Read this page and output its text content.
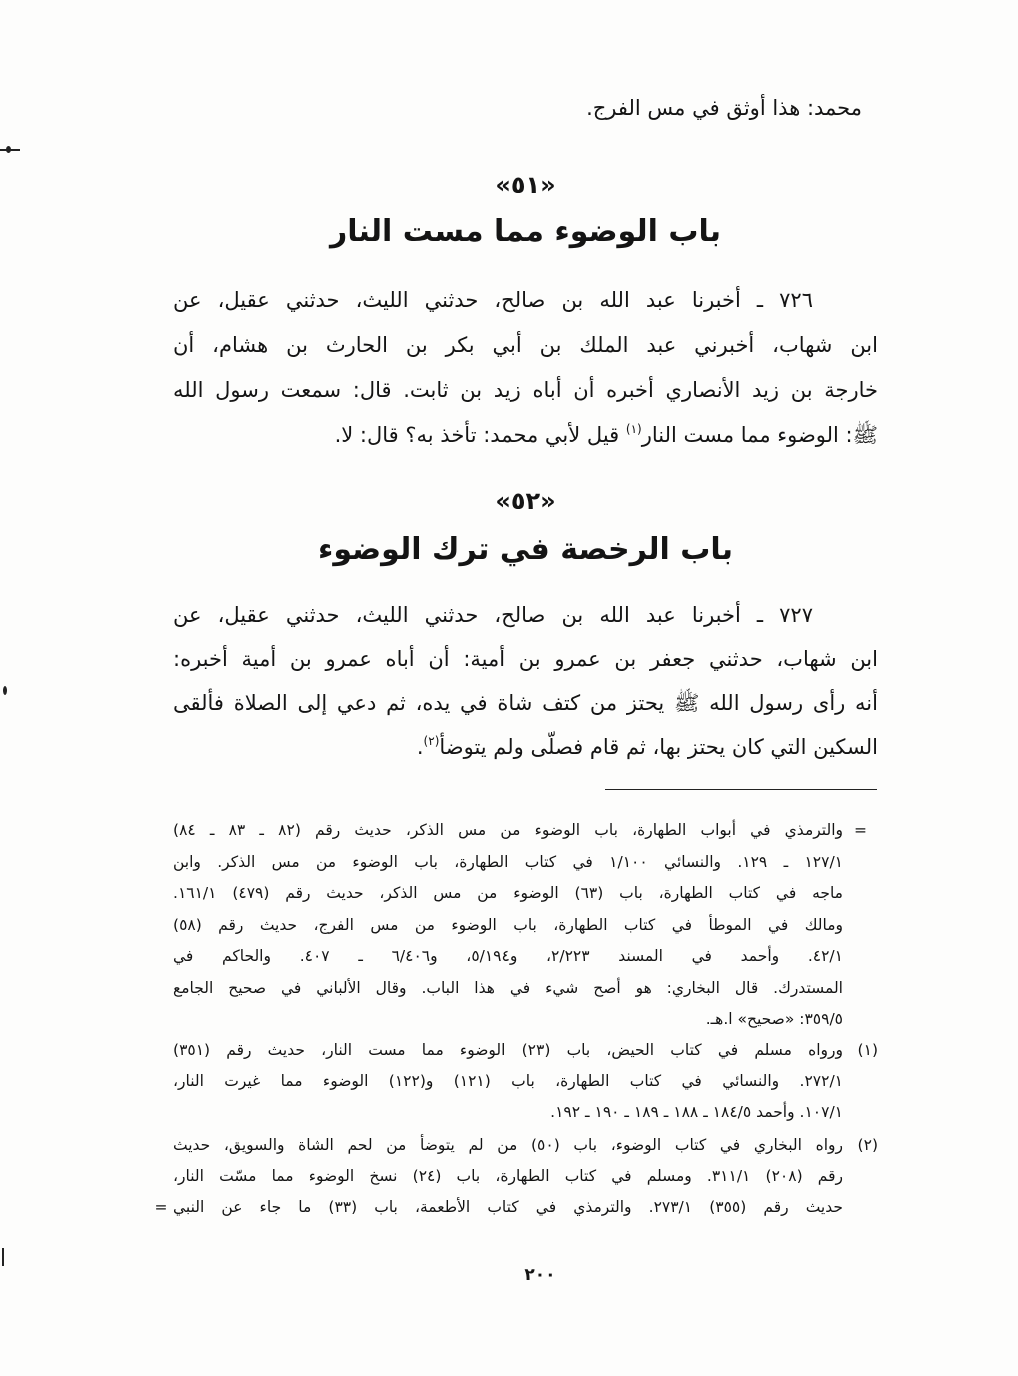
محمد: هذا أوثق في مس الفرج.
«٥١»
باب الوضوء مما مست النار
٧٢٦ ـ أخبرنا عبد الله بن صالح، حدثني الليث، حدثني عقيل، عن
ابن شهاب، أخبرني عبد الملك بن أبي بكر بن الحارث بن هشام، أن
خارجة بن زيد الأنصاري أخبره أن أباه زيد بن ثابت. قال: سمعت رسول الله
ﷺ: الوضوء مما مست النار$^{(١)}$ قيل لأبي محمد: تأخذ به؟ قال: لا.
«٥٢»
باب الرخصة في ترك الوضوء
٧٢٧ ـ أخبرنا عبد الله بن صالح، حدثني الليث، حدثني عقيل، عن
ابن شهاب، حدثني جعفر بن عمرو بن أمية: أن أباه عمرو بن أمية أخبره:
أنه رأى رسول الله ﷺ يحتز من كتف شاة في يده، ثم دعي إلى الصلاة فألقى
السكين التي كان يحتز بها، ثم قام فصلّى ولم يتوضأ$^{(٢)}$.
=
والترمذي في أبواب الطهارة، باب الوضوء من مس الذكر، حديث رقم (٨٢ ـ ٨٣ ـ ٨٤)
١٢٧/١ ـ ١٢٩. والنسائي ١/١٠٠ في كتاب الطهارة، باب الوضوء من مس الذكر. وابن
ماجه في كتاب الطهارة، باب (٦٣) الوضوء من مس الذكر، حديث رقم (٤٧٩) ١٦١/١.
ومالك في الموطأ في كتاب الطهارة، باب الوضوء من مس الفرج، حديث رقم (٥٨)
٤٢/١. وأحمد في المسند ٢/٢٢٣، و٥/١٩٤، و٦/٤٠٦ ـ ٤٠٧. والحاكم في
المستدرك. قال البخاري: هو أصح شيء في هذا الباب. وقال الألباني في صحيح الجامع
٣٥٩/٥: «صحيح» ا.هـ.
(١)
ورواه مسلم في كتاب الحيض، باب (٢٣) الوضوء مما مست النار، حديث رقم (٣٥١)
٢٧٢/١. والنسائي في كتاب الطهارة، باب (١٢١) و(١٢٢) الوضوء مما غيرت النار،
١٠٧/١. وأحمد ١٨٤/٥ ـ ١٨٨ ـ ١٨٩ ـ ١٩٠ ـ ١٩٢.
(٢)
رواه البخاري في كتاب الوضوء، باب (٥٠) من لم يتوضأ من لحم الشاة والسويق، حديث
رقم (٢٠٨) ٣١١/١. ومسلم في كتاب الطهارة، باب (٢٤) نسخ الوضوء مما مسّت النار،
حديث رقم (٣٥٥) ٢٧٣/١. والترمذي في كتاب الأطعمة، باب (٣٣) ما جاء عن النبي
=
٢٠٠
